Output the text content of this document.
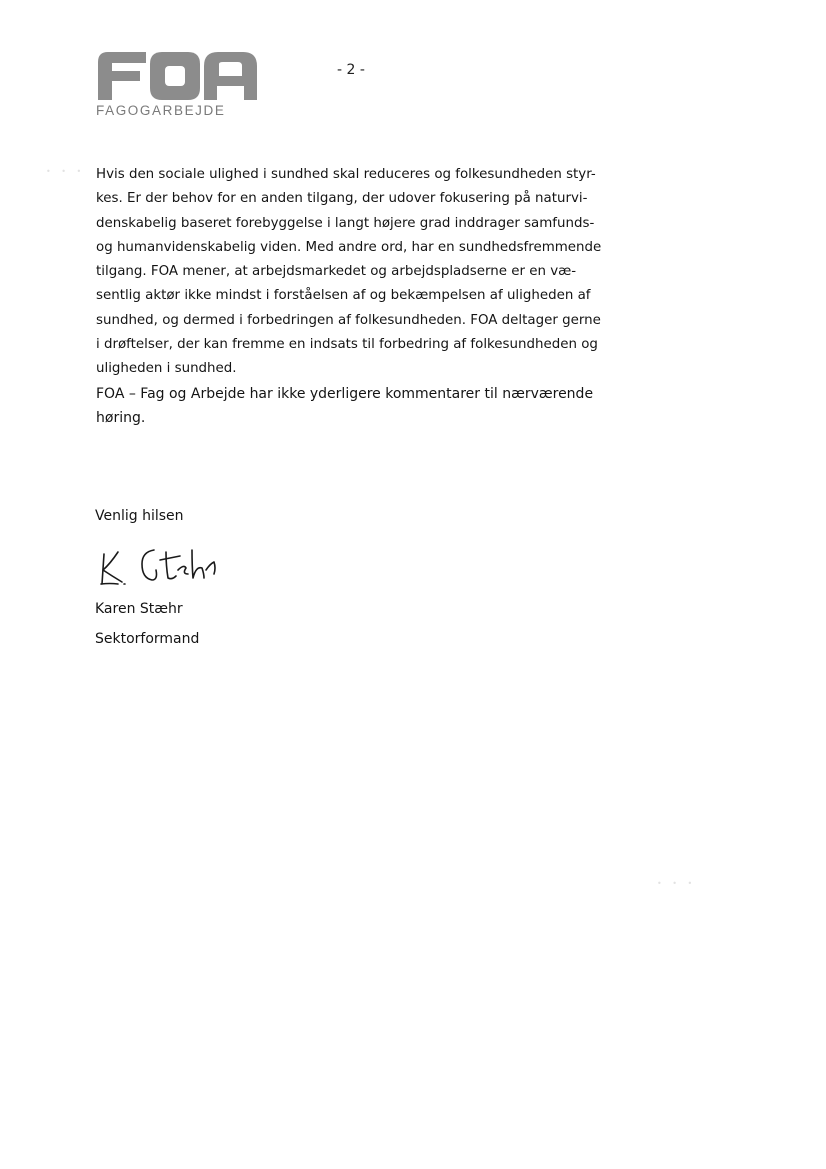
FAGOGARBEJDE
- 2 -
• • • Hvis den sociale ulighed i sundhed skal reduceres og folkesundheden styr-
kes. Er der behov for en anden tilgang, der udover fokusering på naturvi-
denskabelig baseret forebyggelse i langt højere grad inddrager samfunds-
og humanvidenskabelig viden. Med andre ord, har en sundhedsfremmende
tilgang. FOA mener, at arbejdsmarkedet og arbejdspladserne er en væ-
sentlig aktør ikke mindst i forståelsen af og bekæmpelsen af uligheden af
sundhed, og dermed i forbedringen af folkesundheden. FOA deltager gerne
i drøftelser, der kan fremme en indsats til forbedring af folkesundheden og
uligheden i sundhed.
FOA – Fag og Arbejde har ikke yderligere kommentarer til nærværende
høring.
Venlig hilsen
Karen Stæhr
Sektorformand
• • •
